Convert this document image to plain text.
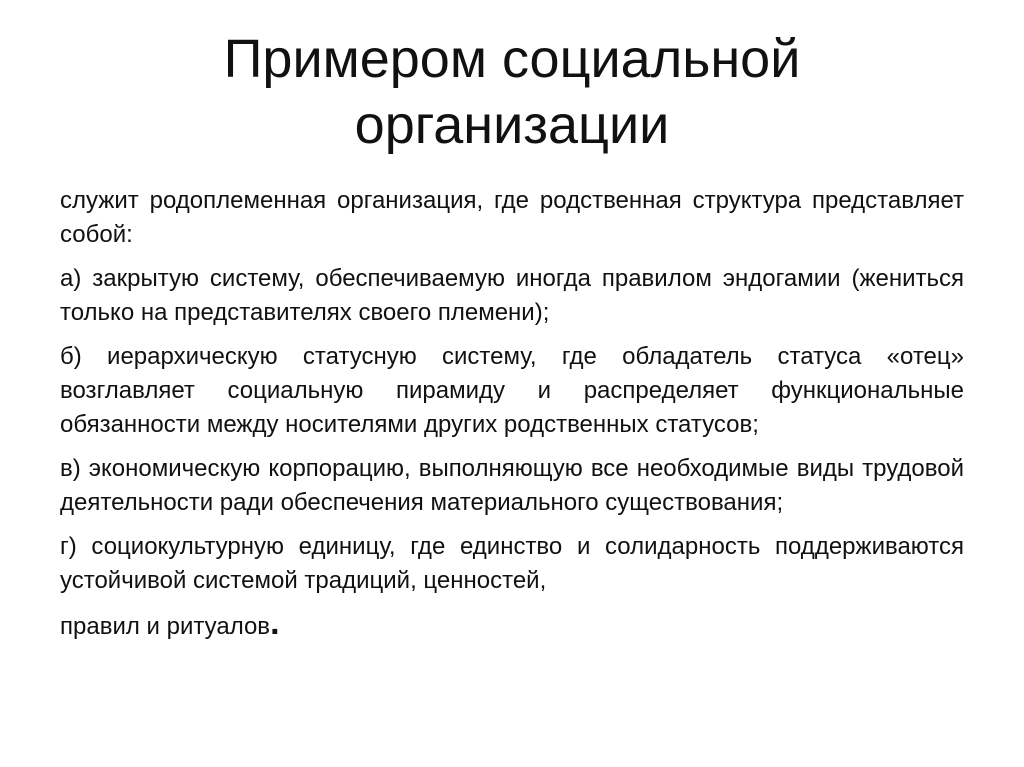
Примером социальной
организации

служит родоплеменная организация, где родственная структура представляет собой:

а) закрытую систему, обеспечиваемую иногда правилом эндогамии (жениться только на представителях своего племени);

б) иерархическую статусную систему, где обладатель статуса «отец» возглавляет социальную пирамиду и распределяет функциональные обязанности между носителями других родственных статусов;

в) экономическую корпорацию, выполняющую все необходимые виды трудовой деятельности ради обеспечения материального существования;

г) социокультурную единицу, где единство и солидарность поддерживаются устойчивой системой традиций, ценностей,
правил и ритуалов.
